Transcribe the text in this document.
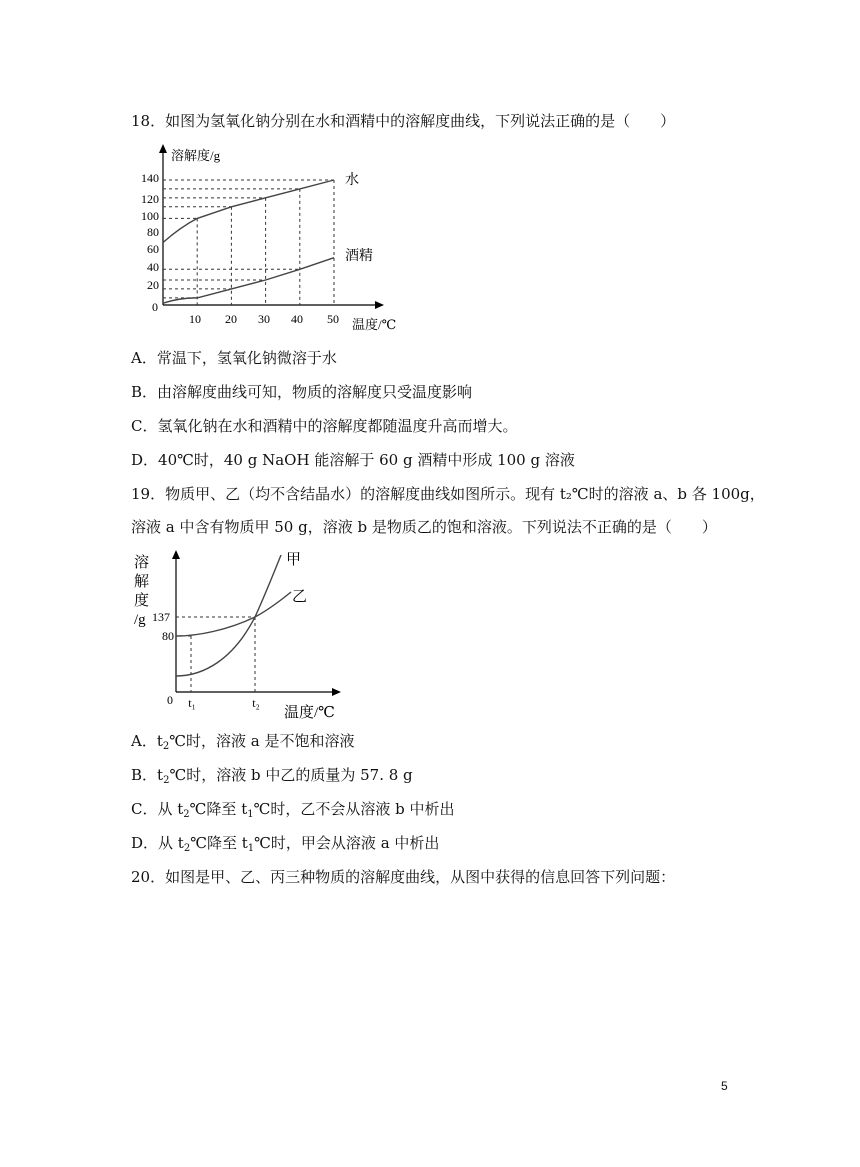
18．如图为氢氧化钠分别在水和酒精中的溶解度曲线，下列说法正确的是（　　）
溶解度/g
温度/℃
0
140
120
100
80
60
40
20
10 20 30 40 50
水
酒精
A．常温下，氢氧化钠微溶于水
B．由溶解度曲线可知，物质的溶解度只受温度影响
C．氢氧化钠在水和酒精中的溶解度都随温度升高而增大。
D．40℃时，40 g NaOH 能溶解于 60 g 酒精中形成 100 g 溶液
19．物质甲、乙（均不含结晶水）的溶解度曲线如图所示。现有 t₂℃时的溶液 a、b 各 100g，
溶液 a 中含有物质甲 50 g，溶液 b 是物质乙的饱和溶液。下列说法不正确的是（　　）
溶
解
度
/g 137
80
0 t₁	t₂
温度/℃
甲
乙
A．$t_2℃$时，溶液 a 是不饱和溶液
B．$t_2℃$时，溶液 b 中乙的质量为 57. 8 g
C．从 $t_2℃$降至 $t_1℃$时，乙不会从溶液 b 中析出
D．从 $t_2℃$降至 $t_1℃$时，甲会从溶液 a 中析出
20．如图是甲、乙、丙三种物质的溶解度曲线，从图中获得的信息回答下列问题：
5
